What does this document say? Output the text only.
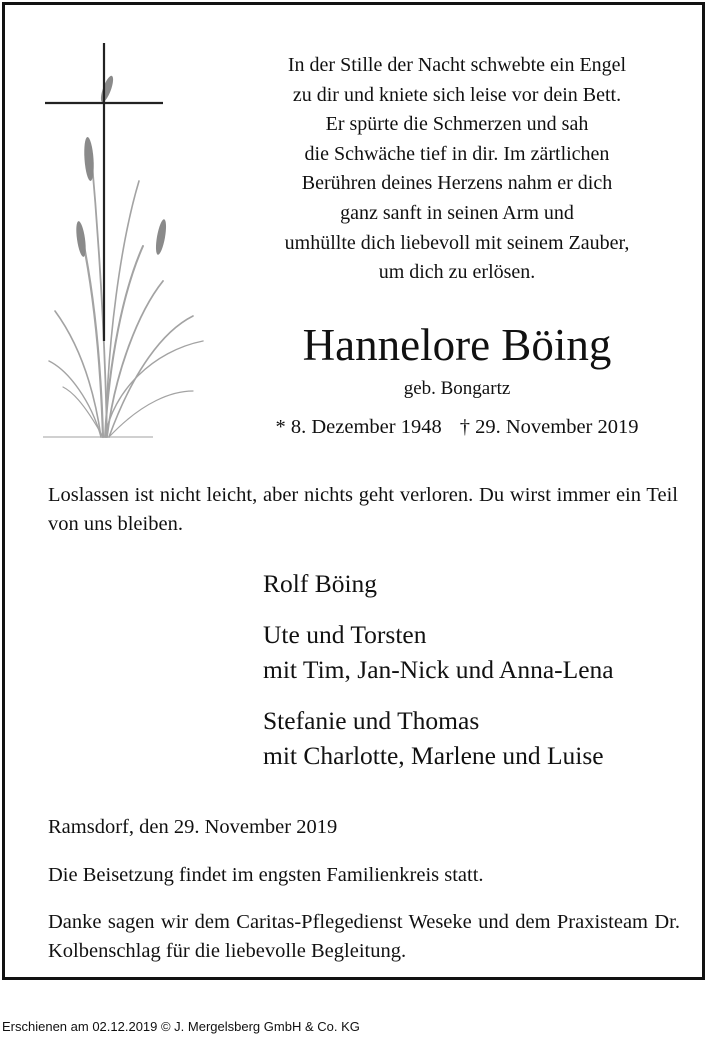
In der Stille der Nacht schwebte ein Engel
zu dir und kniete sich leise vor dein Bett.
Er spürte die Schmerzen und sah
die Schwäche tief in dir. Im zärtlichen
Berühren deines Herzens nahm er dich
ganz sanft in seinen Arm und
umhüllte dich liebevoll mit seinem Zauber,
um dich zu erlösen.

Hannelore Böing
geb. Bongartz
* 8. Dezember 1948 † 29. November 2019

Loslassen ist nicht leicht, aber nichts geht verloren. Du wirst immer ein Teil von uns bleiben.

Rolf Böing
Ute und Torsten
mit Tim, Jan-Nick und Anna-Lena
Stefanie und Thomas
mit Charlotte, Marlene und Luise
Ramsdorf, den 29. November 2019
Die Beisetzung findet im engsten Familienkreis statt.

Danke sagen wir dem Caritas-Pflegedienst Weseke und dem Praxisteam Dr. Kolbenschlag für die liebevolle Begleitung.

Erschienen am 02.12.2019 © J. Mergelsberg GmbH & Co. KG
